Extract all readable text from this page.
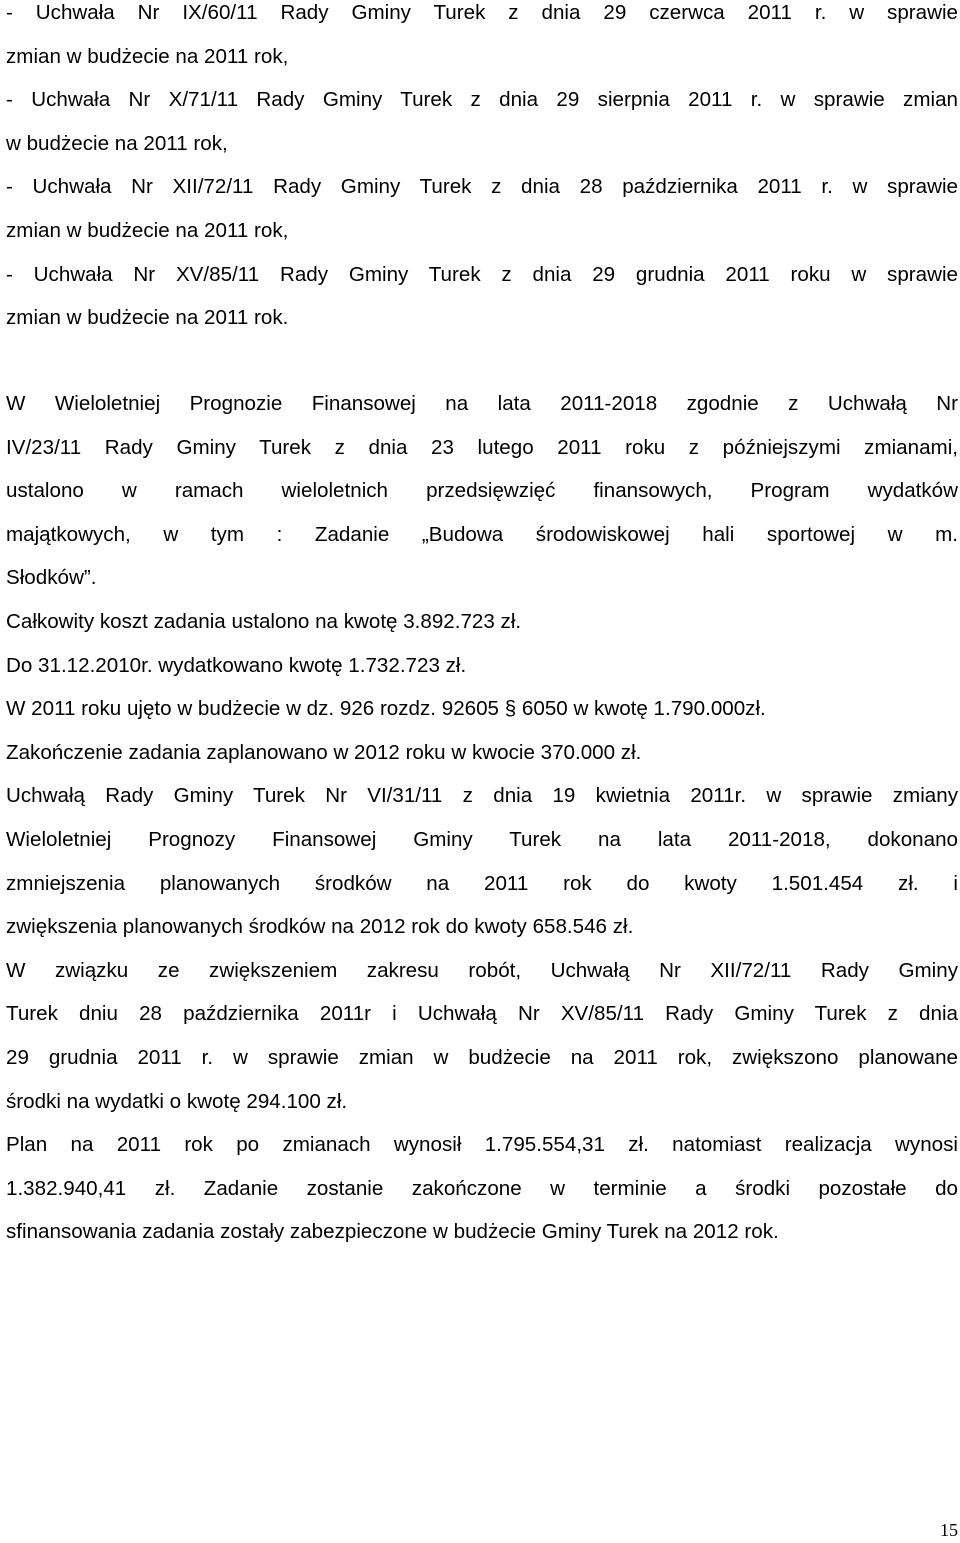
- Uchwała Nr IX/60/11 Rady Gminy Turek z dnia 29 czerwca 2011 r. w sprawie
zmian w budżecie na 2011 rok,
- Uchwała Nr X/71/11 Rady Gminy Turek z dnia 29 sierpnia 2011 r. w sprawie zmian
w budżecie na 2011 rok,
- Uchwała Nr XII/72/11 Rady Gminy Turek z dnia 28 października 2011 r. w sprawie
zmian w budżecie na 2011 rok,
- Uchwała Nr XV/85/11 Rady Gminy Turek z dnia 29 grudnia 2011 roku w sprawie
zmian w budżecie na 2011 rok.
W Wieloletniej Prognozie Finansowej na lata 2011-2018 zgodnie z Uchwałą Nr
IV/23/11 Rady Gminy Turek z dnia 23 lutego 2011 roku z późniejszymi zmianami,
ustalono w ramach wieloletnich przedsięwzięć finansowych, Program wydatków
majątkowych, w tym : Zadanie „Budowa środowiskowej hali sportowej w m.
Słodków”.
Całkowity koszt zadania ustalono na kwotę 3.892.723 zł.
Do 31.12.2010r. wydatkowano kwotę 1.732.723 zł.
W 2011 roku ujęto w budżecie w dz. 926 rozdz. 92605 § 6050 w kwotę 1.790.000zł.
Zakończenie zadania zaplanowano w 2012 roku w kwocie 370.000 zł.
Uchwałą Rady Gminy Turek Nr VI/31/11 z dnia 19 kwietnia 2011r. w sprawie zmiany
Wieloletniej Prognozy Finansowej Gminy Turek na lata 2011-2018, dokonano
zmniejszenia planowanych środków na 2011 rok do kwoty 1.501.454 zł. i
zwiększenia planowanych środków na 2012 rok do kwoty 658.546 zł.
W związku ze zwiększeniem zakresu robót, Uchwałą Nr XII/72/11 Rady Gminy
Turek dniu 28 października 2011r i Uchwałą Nr XV/85/11 Rady Gminy Turek z dnia
29 grudnia 2011 r. w sprawie zmian w budżecie na 2011 rok, zwiększono planowane
środki na wydatki o kwotę 294.100 zł.
Plan na 2011 rok po zmianach wynosił 1.795.554,31 zł. natomiast realizacja wynosi
1.382.940,41 zł. Zadanie zostanie zakończone w terminie a środki pozostałe do
sfinansowania zadania zostały zabezpieczone w budżecie Gminy Turek na 2012 rok.
15
